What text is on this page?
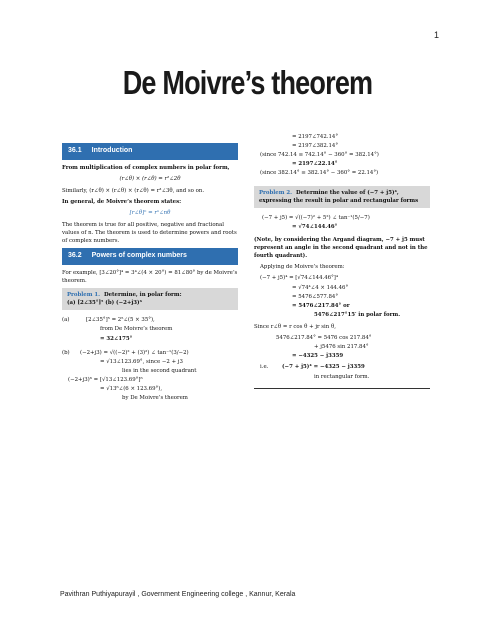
1
De Moivre’s theorem
36.1 Introduction
From multiplication of complex numbers in polar form,
(r∠θ) × (r∠θ) = r²∠2θ
Similarly, (r∠θ) × (r∠θ) × (r∠θ) = r³∠3θ, and so on.
In general, de Moivre’s theorem states:
[r∠θ]ⁿ = rⁿ∠nθ
The theorem is true for all positive, negative and fractional values of n. The theorem is used to determine powers and roots of complex numbers.
36.2 Powers of complex numbers
For example, [3∠20°]⁴ = 3⁴∠(4 × 20°) = 81∠80° by de Moivre’s theorem.
Problem 1. Determine, in polar form:
(a) [2∠35°]⁵ (b) (−2+j3)⁶
(a)	[2∠35°]⁵ = 2⁵∠(5 × 35°),
from De Moivre’s theorem
= 32∠175°
(b)	(−2+j3) = √((−2)² + (3)²) ∠ tan⁻¹(3/−2)
= √13∠123.69°, since −2 + j3
lies in the second quadrant
(−2+j3)⁶ = [√13∠123.69°]⁶
= √13⁶∠(6 × 123.69°),
by De Moivre’s theorem
= 2197∠742.14°
= 2197∠382.14°
(since 742.14 ≡ 742.14° − 360° = 382.14°)
= 2197∠22.14°
(since 382.14° ≡ 382.14° − 360° = 22.14°)
Problem 2. Determine the value of (−7 + j5)⁴, expressing the result in polar and rectangular forms
(−7 + j5) = √((−7)² + 5²) ∠ tan⁻¹(5/−7)
= √74∠144.46°
(Note, by considering the Argand diagram, −7 + j5 must represent an angle in the second quadrant and not in the fourth quadrant).
Applying de Moivre’s theorem:
(−7 + j5)⁴ = [√74∠144.46°]⁴
= √74⁴∠4 × 144.46°
= 5476∠577.84°
= 5476∠217.84° or
5476∠217°15′ in polar form.
Since r∠θ = r cos θ + jr sin θ,
5476∠217.84° = 5476 cos 217.84°
+ j5476 sin 217.84°
= −4325 − j3359
i.e.	(−7 + j5)⁴ = −4325 − j3359
in rectangular form.
Pavithran Puthiyapurayil , Government Engineering college , Kannur, Kerala
